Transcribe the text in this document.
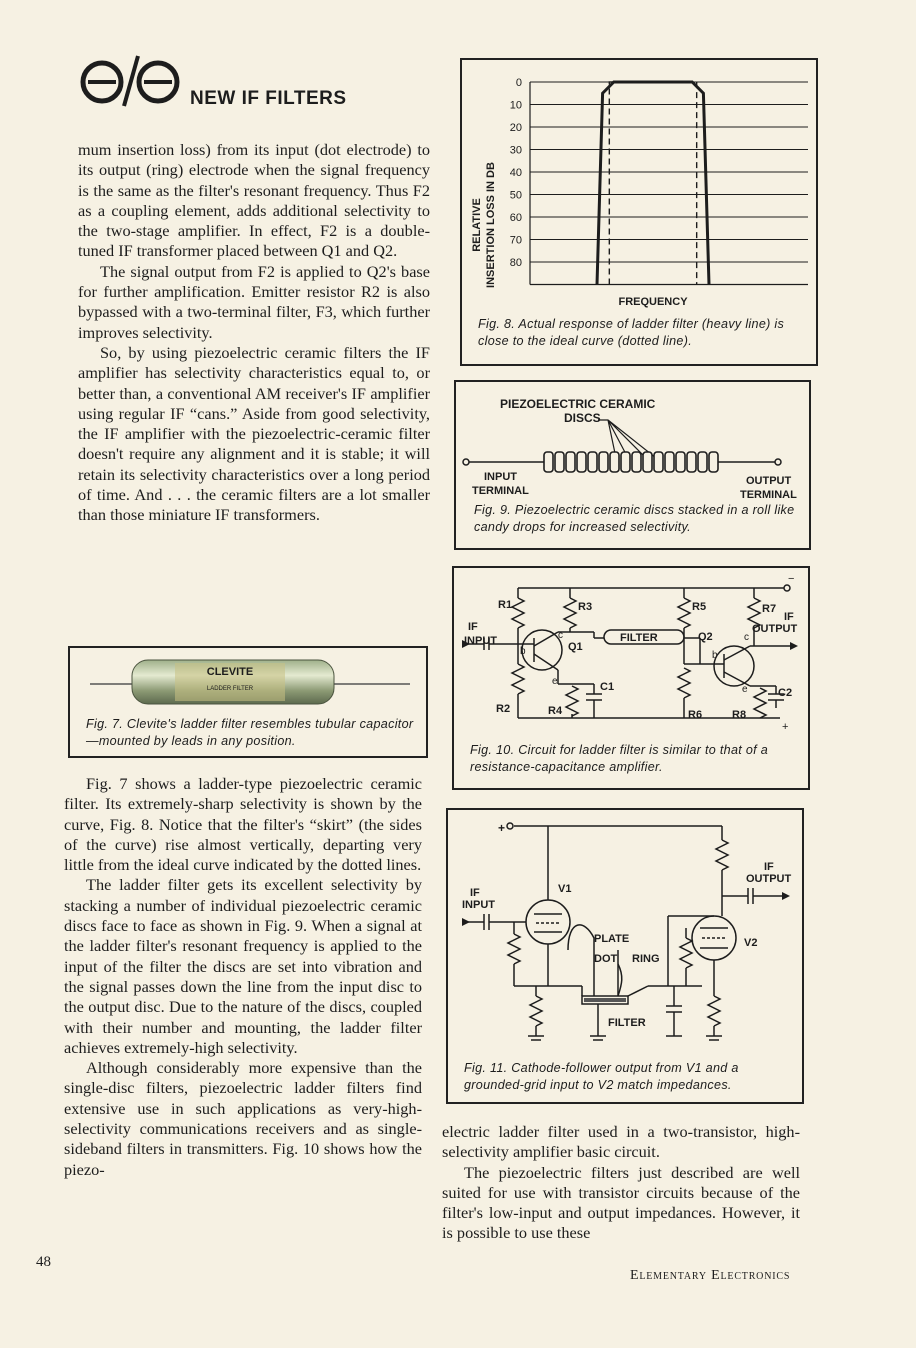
NEW IF FILTERS

mum insertion loss) from its input (dot electrode) to its output (ring) electrode when the signal frequency is the same as the filter's resonant frequency. Thus F2 as a coupling element, adds additional selectivity to the two-stage amplifier. In effect, F2 is a double-tuned IF transformer placed between Q1 and Q2.

The signal output from F2 is applied to Q2's base for further amplification. Emitter resistor R2 is also bypassed with a two-terminal filter, F3, which further improves selectivity.

So, by using piezoelectric ceramic filters the IF amplifier has selectivity characteristics equal to, or better than, a conventional AM receiver's IF amplifier using regular IF “cans.” Aside from good selectivity, the IF amplifier with the piezoelectric-ceramic filter doesn't require any alignment and it is stable; it will retain its selectivity characteristics over a long period of time. And . . . the ceramic filters are a lot smaller than those miniature IF transformers.

CLEVITE
LADDER FILTER
Fig. 7. Clevite's ladder filter resembles tubular capacitor—mounted by leads in any position.

Fig. 7 shows a ladder-type piezoelectric ceramic filter. Its extremely-sharp selectivity is shown by the curve, Fig. 8. Notice that the filter's “skirt” (the sides of the curve) rise almost vertically, departing very little from the ideal curve indicated by the dotted lines.

The ladder filter gets its excellent selectivity by stacking a number of individual piezoelectric ceramic discs face to face as shown in Fig. 9. When a signal at the ladder filter's resonant frequency is applied to the input of the filter the discs are set into vibration and the signal passes down the line from the input disc to the output disc. Due to the nature of the discs, coupled with their number and mounting, the ladder filter achieves extremely-high selectivity.

Although considerably more expensive than the single-disc filters, piezoelectric ladder filters find extensive use in such applications as very-high-selectivity communications receivers and as single-sideband filters in transmitters. Fig. 10 shows how the piezo-

0
10
20
30
40
50
60
70
80
RELATIVE INSERTION LOSS IN DB
FREQUENCY
Fig. 8. Actual response of ladder filter (heavy line) is close to the ideal curve (dotted line).
PIEZOELECTRIC CERAMIC
DISCS
INPUT
TERMINAL
OUTPUT
TERMINAL
Fig. 9. Piezoelectric ceramic discs stacked in a roll like candy drops for increased selectivity.
R1
R2
R3
R4
R5
R6
R7
R8
C1	C2
Q1
Q2
FILTER
IF
INPUT
IF
OUTPUT
b
c
e
b
c
e
−
+
Fig. 10. Circuit for ladder filter is similar to that of a resistance-capacitance amplifier.
+
V1
V2
IF
INPUT
IF
OUTPUT
PLATE
DOT RING
FILTER
Fig. 11. Cathode-follower output from V1 and a grounded-grid input to V2 match impedances.

electric ladder filter used in a two-transistor, high-selectivity amplifier basic circuit.

The piezoelectric filters just described are well suited for use with transistor circuits because of the filter's low-input and output impedances. However, it is possible to use these

48
Elementary Electronics
